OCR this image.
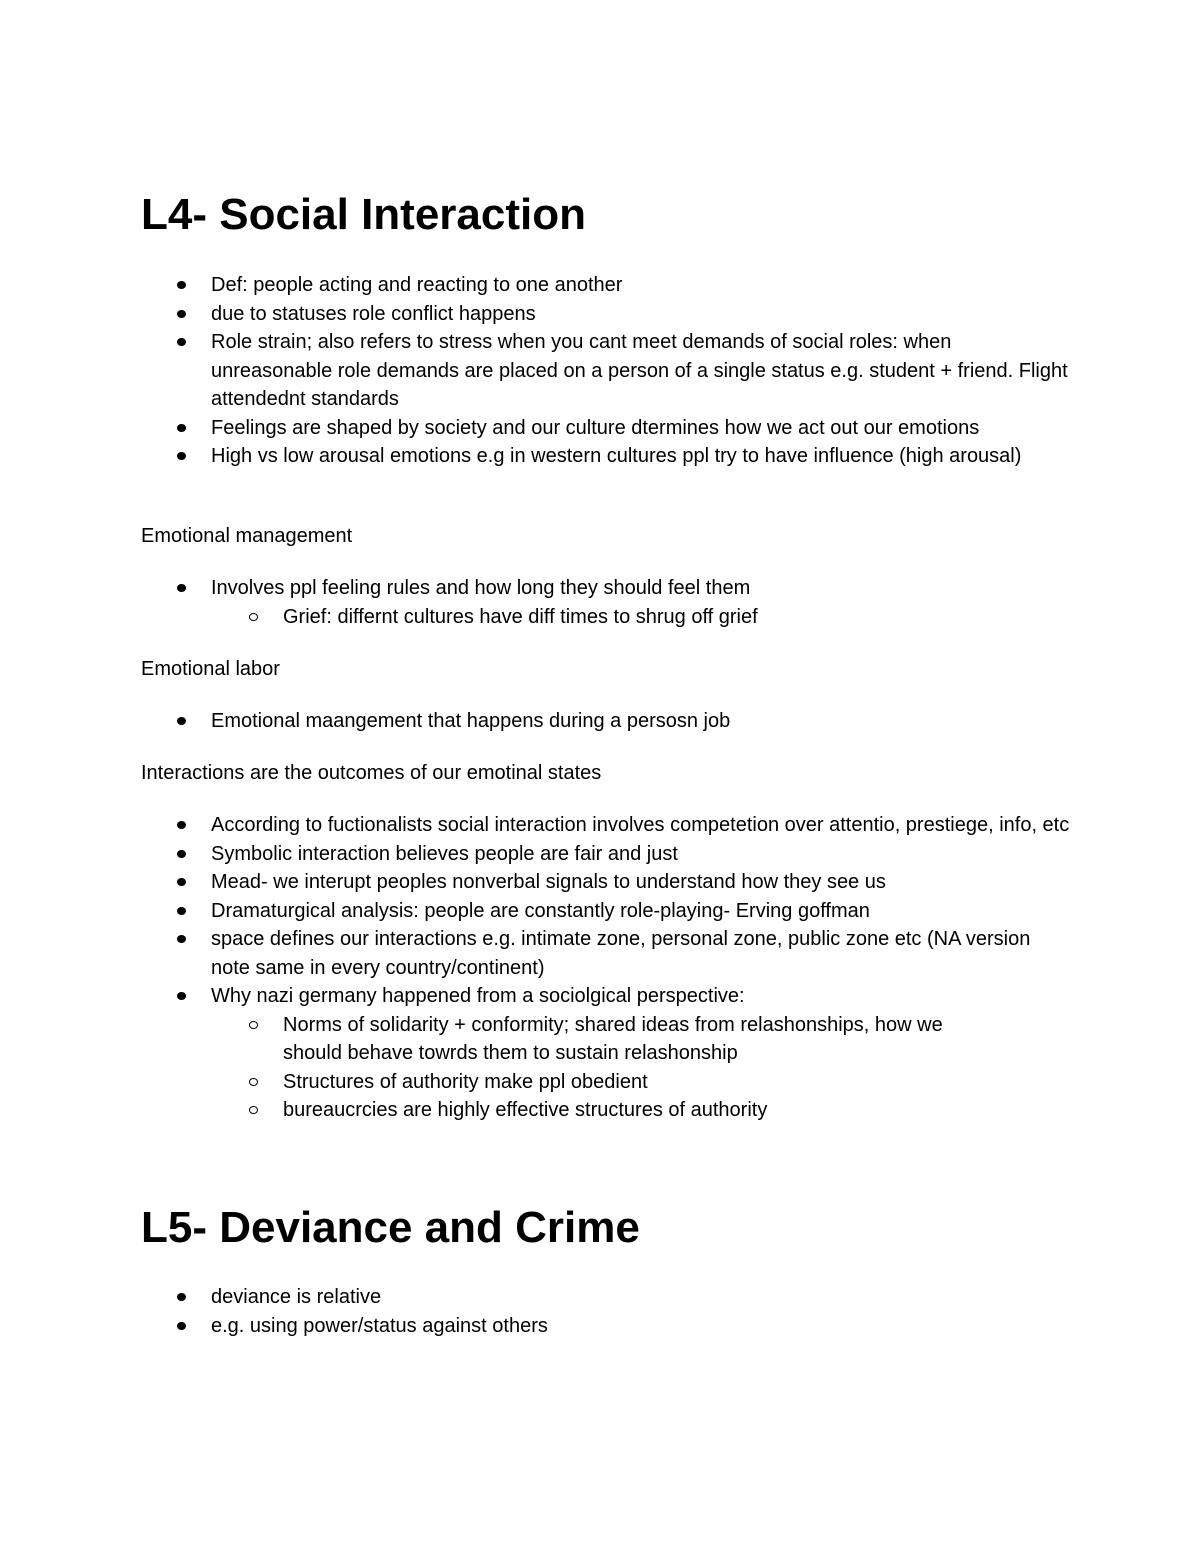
L4- Social Interaction
Def: people acting and reacting to one another
due to statuses role conflict happens
Role strain; also refers to stress when you cant meet demands of social roles: when unreasonable role demands are placed on a person of a single status e.g. student + friend. Flight attendednt standards
Feelings are shaped by society and our culture dtermines how we act out our emotions
High vs low arousal emotions e.g in western cultures ppl try to have influence (high arousal)

Emotional management

Involves ppl feeling rules and how long they should feel them
Grief: differnt cultures have diff times to shrug off grief

Emotional labor

Emotional maangement that happens during a persosn job

Interactions are the outcomes of our emotinal states

According to fuctionalists social interaction involves competetion over attentio, prestiege, info, etc
Symbolic interaction believes people are fair and just
Mead- we interupt peoples nonverbal signals to understand how they see us
Dramaturgical analysis: people are constantly role-playing- Erving goffman
space defines our interactions e.g. intimate zone, personal zone, public zone etc (NA version note same in every country/continent)
Why nazi germany happened from a sociolgical perspective:
Norms of solidarity + conformity; shared ideas from relashonships, how we should behave towrds them to sustain relashonship
Structures of authority make ppl obedient
bureaucrcies are highly effective structures of authority
L5- Deviance and Crime
deviance is relative
e.g. using power/status against others
